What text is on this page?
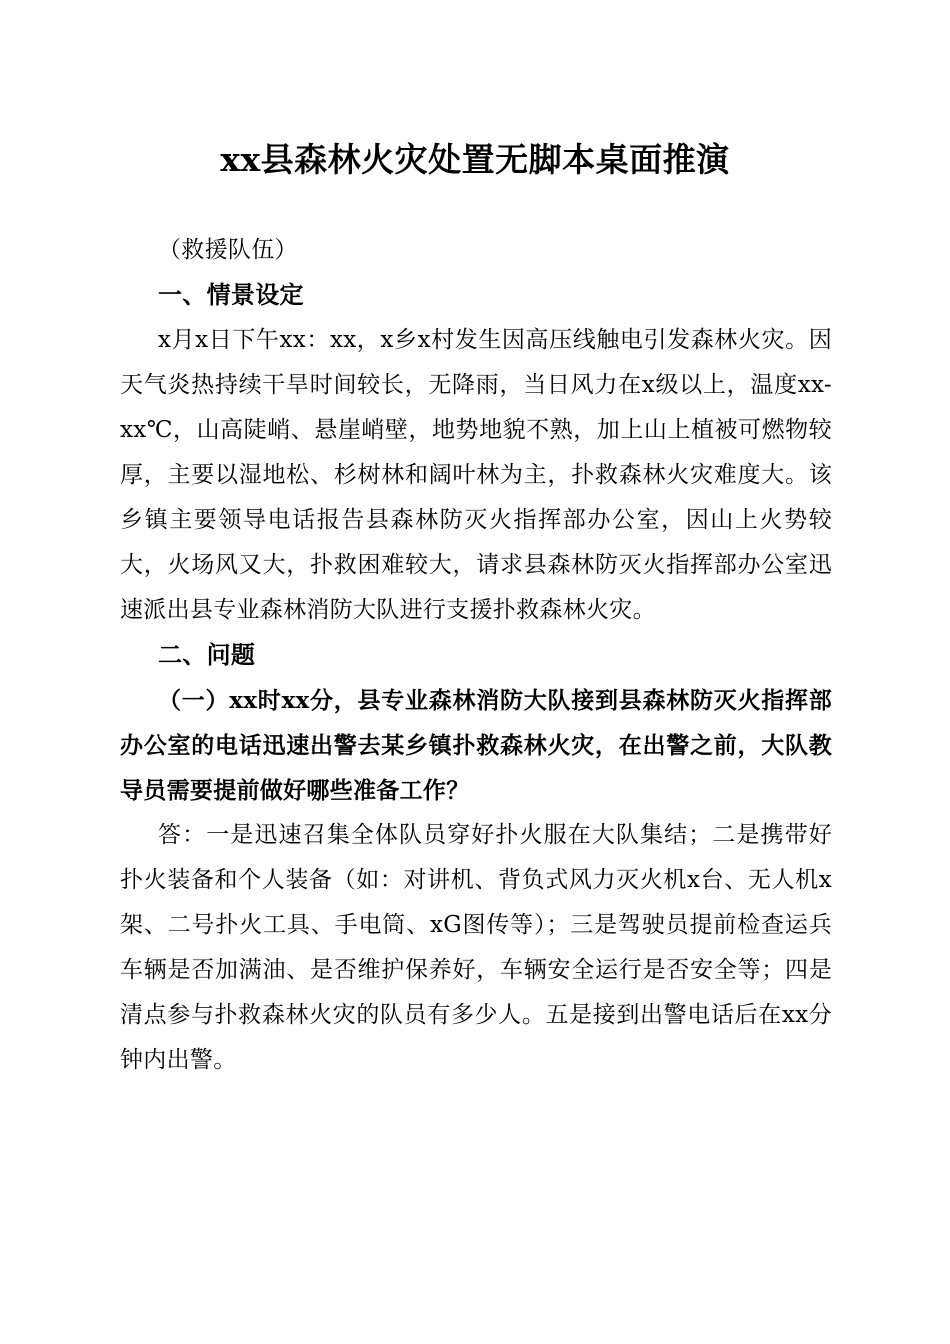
xx县森林火灾处置无脚本桌面推演

（救援队伍）

一、情景设定

x月x日下午xx：xx，x乡x村发生因高压线触电引发森林火灾。因天气炎热持续干旱时间较长，无降雨，当日风力在x级以上，温度xx-xx℃，山高陡峭、悬崖峭壁，地势地貌不熟，加上山上植被可燃物较厚，主要以湿地松、杉树林和阔叶林为主，扑救森林火灾难度大。该乡镇主要领导电话报告县森林防灭火指挥部办公室，因山上火势较大，火场风又大，扑救困难较大，请求县森林防灭火指挥部办公室迅速派出县专业森林消防大队进行支援扑救森林火灾。

二、问题

（一）xx时xx分，县专业森林消防大队接到县森林防灭火指挥部办公室的电话迅速出警去某乡镇扑救森林火灾，在出警之前，大队教导员需要提前做好哪些准备工作？

答：一是迅速召集全体队员穿好扑火服在大队集结；二是携带好扑火装备和个人装备（如：对讲机、背负式风力灭火机x台、无人机x架、二号扑火工具、手电筒、xG图传等）；三是驾驶员提前检查运兵车辆是否加满油、是否维护保养好，车辆安全运行是否安全等；四是清点参与扑救森林火灾的队员有多少人。五是接到出警电话后在xx分钟内出警。
